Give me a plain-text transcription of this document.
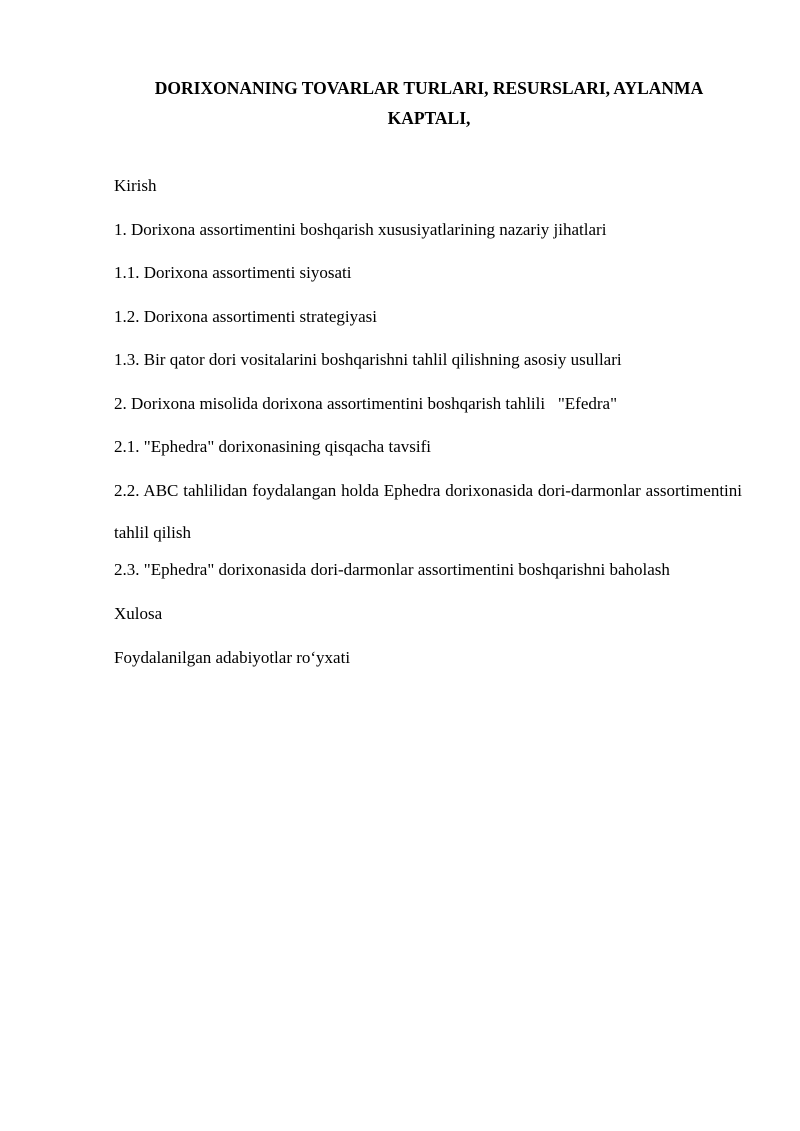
DORIXONANING TOVARLAR TURLARI, RESURSLARI, AYLANMA
KAPTALI,
Kirish
1. Dorixona assortimentini boshqarish xususiyatlarining nazariy jihatlari
1.1. Dorixona assortimenti siyosati
1.2. Dorixona assortimenti strategiyasi
1.3. Bir qator dori vositalarini boshqarishni tahlil qilishning asosiy usullari
2. Dorixona misolida dorixona assortimentini boshqarish tahlili   "Efedra"
2.1. "Ephedra" dorixonasining qisqacha tavsifi
2.2. ABC tahlilidan foydalangan holda Ephedra dorixonasida dori-darmonlar assortimentini tahlil qilish
2.3. "Ephedra" dorixonasida dori-darmonlar assortimentini boshqarishni baholash
Xulosa
Foydalanilgan adabiyotlar ro‘yxati
